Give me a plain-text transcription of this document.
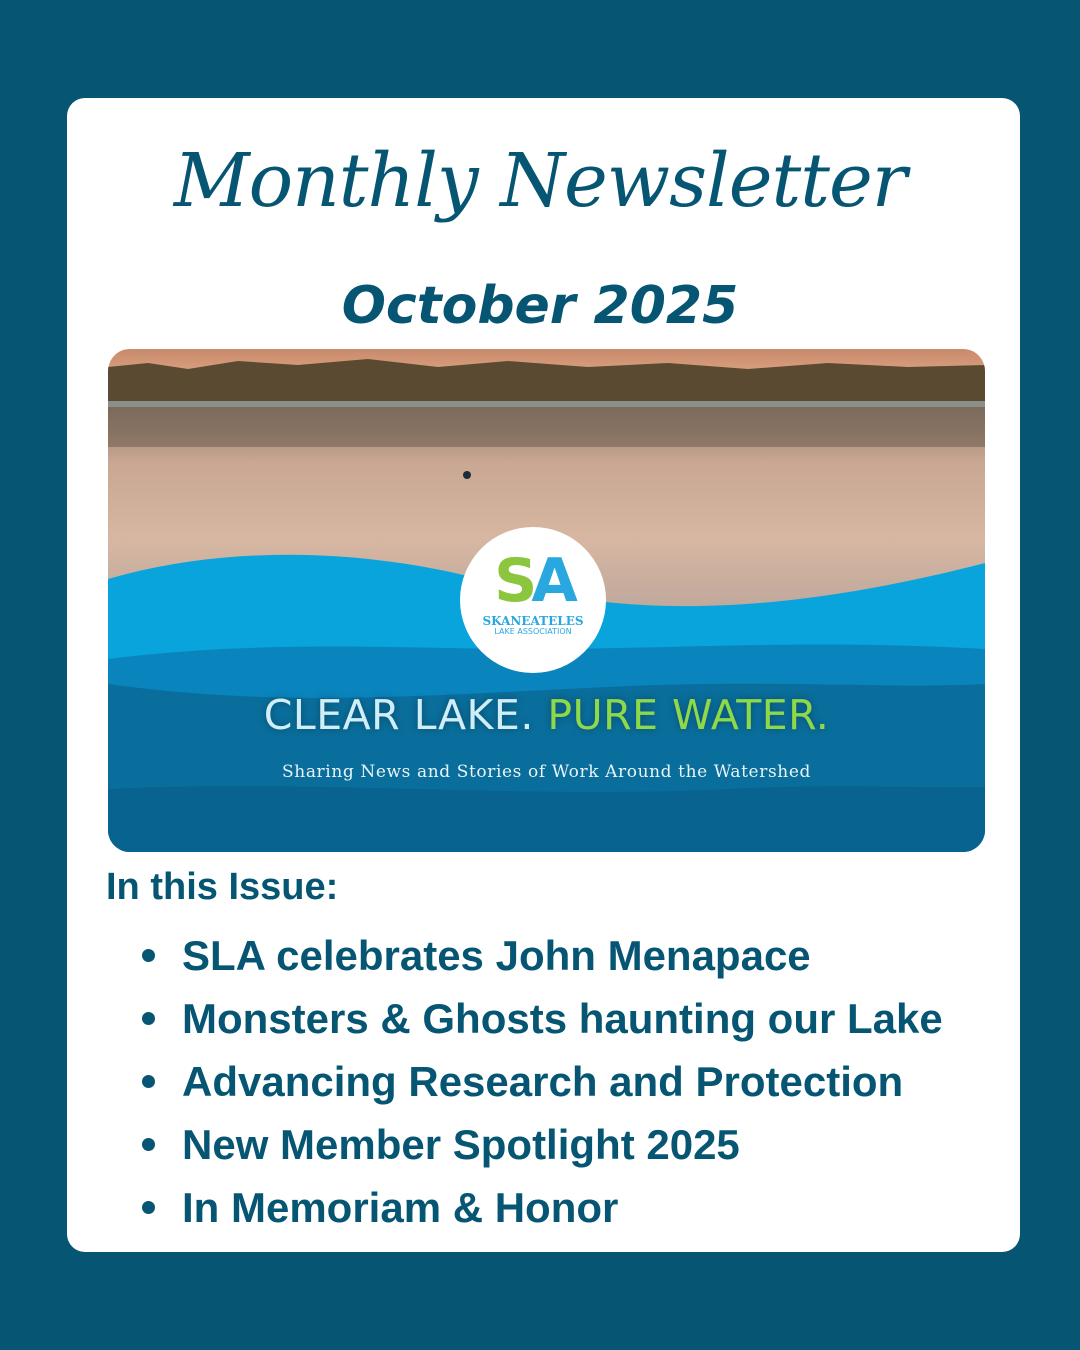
Monthly Newsletter
October 2025
SA
SKANEATELES
LAKE ASSOCIATION
CLEAR LAKE. PURE WATER.
Sharing News and Stories of Work Around the Watershed
In this Issue:
SLA celebrates John Menapace
Monsters & Ghosts haunting our Lake
Advancing Research and Protection
New Member Spotlight 2025
In Memoriam & Honor
